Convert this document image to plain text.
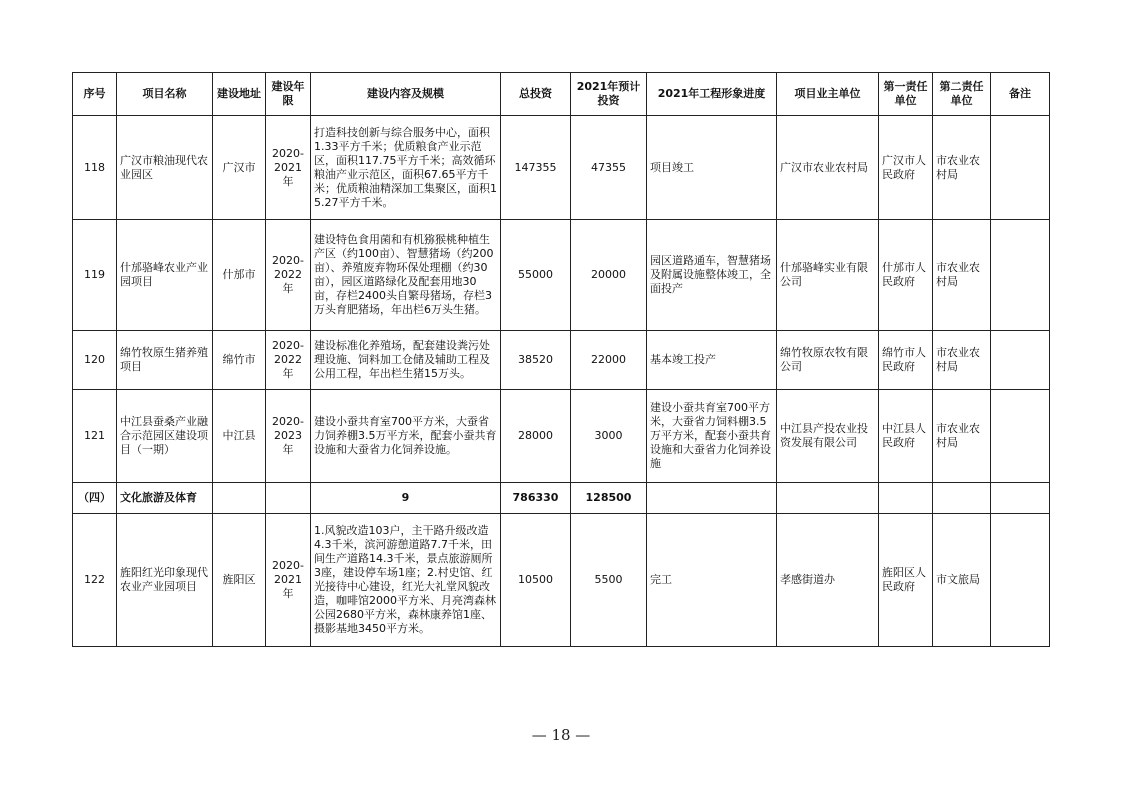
序号	项目名称	建设地址	建设年限	建设内容及规模	总投资	2021年预计投资	2021年工程形象进度	项目业主单位	第一责任单位	第二责任单位	备注
118	广汉市粮油现代农业园区	广汉市	2020-2021年	打造科技创新与综合服务中心，面积1.33平方千米；优质粮食产业示范区，面积117.75平方千米；高效循环粮油产业示范区，面积67.65平方千米；优质粮油精深加工集聚区，面积15.27平方千米。	147355	47355	项目竣工	广汉市农业农村局	广汉市人民政府	市农业农村局	
119	什邡骆峰农业产业园项目	什邡市	2020-2022年	建设特色食用菌和有机猕猴桃种植生产区（约100亩）、智慧猪场（约200亩）、养殖废弃物环保处理棚（约30亩），园区道路绿化及配套用地30亩，存栏2400头自繁母猪场，存栏3万头育肥猪场，年出栏6万头生猪。	55000	20000	园区道路通车，智慧猪场及附属设施整体竣工，全面投产	什邡骆峰实业有限公司	什邡市人民政府	市农业农村局	
120	绵竹牧原生猪养殖项目	绵竹市	2020-2022年	建设标准化养殖场，配套建设粪污处理设施、饲料加工仓储及辅助工程及公用工程，年出栏生猪15万头。	38520	22000	基本竣工投产	绵竹牧原农牧有限公司	绵竹市人民政府	市农业农村局	
121	中江县蚕桑产业融合示范园区建设项目（一期）	中江县	2020-2023年	建设小蚕共育室700平方米，大蚕省力饲养棚3.5万平方米，配套小蚕共育设施和大蚕省力化饲养设施。	28000	3000	建设小蚕共育室700平方米，大蚕省力饲料棚3.5万平方米，配套小蚕共育设施和大蚕省力化饲养设施	中江县产投农业投资发展有限公司	中江县人民政府	市农业农村局	
（四）	文化旅游及体育			9	786330	128500					
122	旌阳红光印象现代农业产业园项目	旌阳区	2020-2021年	1.风貌改造103户，主干路升级改造4.3千米，滨河游憩道路7.7千米，田间生产道路14.3千米，景点旅游厕所3座，建设停车场1座；2.村史馆、红光接待中心建设，红光大礼堂风貌改造，咖啡馆2000平方米、月亮湾森林公园2680平方米，森林康养馆1座、摄影基地3450平方米。	10500	5500	完工	孝感街道办	旌阳区人民政府	市文旅局	
— 18 —
